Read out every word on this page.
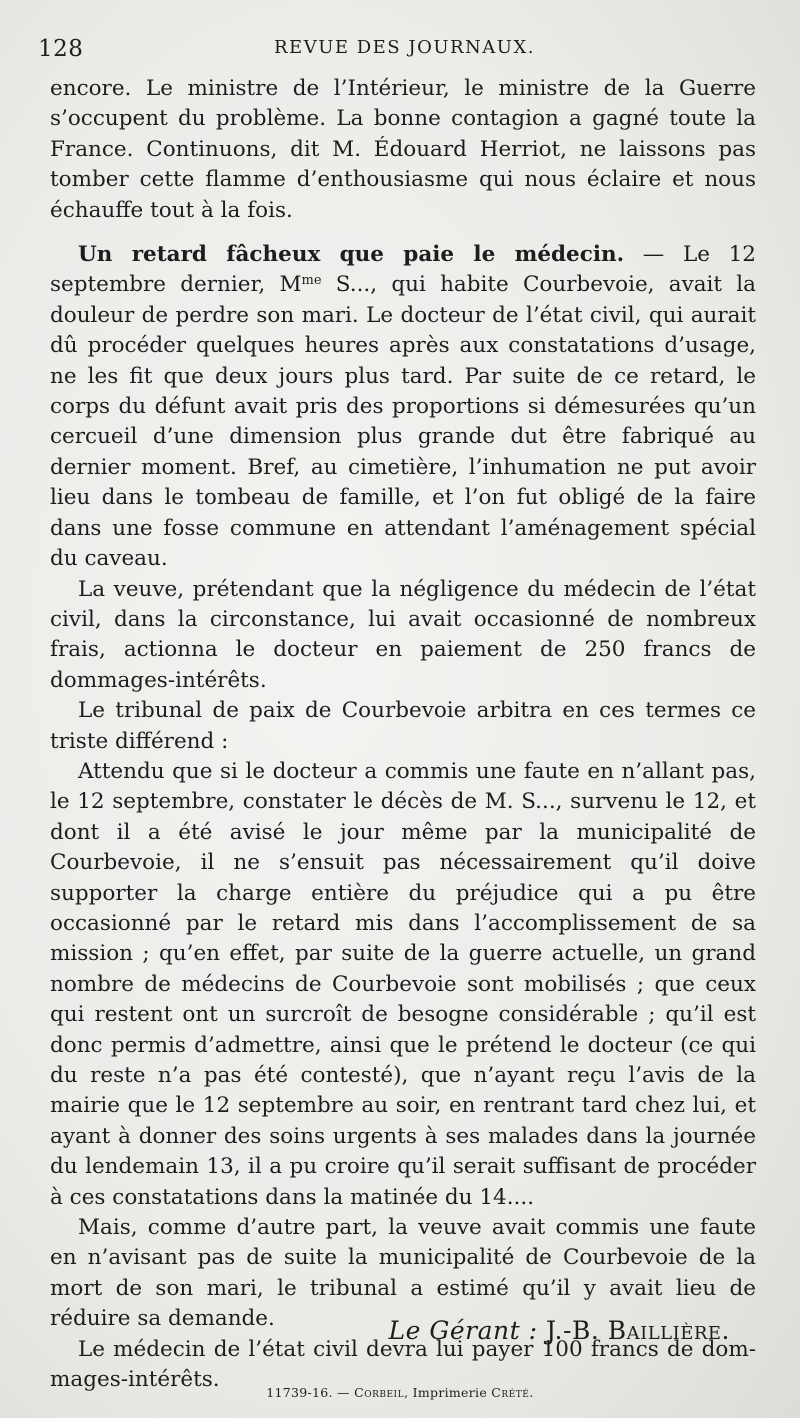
128	REVUE DES JOURNAUX.

encore. Le ministre de l’Intérieur, le ministre de la Guerre s’occupent du problème. La bonne contagion a gagné toute la France. Continuons, dit M. Édouard Herriot, ne laissons pas tomber cette flamme d’enthousiasme qui nous éclaire et nous échauffe tout à la fois.

Un retard fâcheux que paie le médecin. — Le 12 septembre dernier, $M^{me}$ S..., qui habite Courbevoie, avait la douleur de perdre son mari. Le docteur de l’état civil, qui aurait dû procéder quelques heures après aux constatations d’usage, ne les fit que deux jours plus tard. Par suite de ce retard, le corps du défunt avait pris des proportions si démesurées qu’un cercueil d’une dimension plus grande dut être fabriqué au dernier moment. Bref, au cimetière, l’inhumation ne put avoir lieu dans le tombeau de famille, et l’on fut obligé de la faire dans une fosse commune en attendant l’aménagement spécial du caveau.

La veuve, prétendant que la négligence du médecin de l’état civil, dans la circonstance, lui avait occasionné de nombreux frais, actionna le docteur en paiement de 250 francs de dommages-intérêts.

Le tribunal de paix de Courbevoie arbitra en ces termes ce triste différend :

Attendu que si le docteur a commis une faute en n’allant pas, le 12 septembre, constater le décès de M. S..., survenu le 12, et dont il a été avisé le jour même par la municipalité de Courbevoie, il ne s’ensuit pas nécessairement qu’il doive supporter la charge entière du préjudice qui a pu être occasionné par le retard mis dans l’accomplissement de sa mission ; qu’en effet, par suite de la guerre actuelle, un grand nombre de médecins de Courbevoie sont mobilisés ; que ceux qui restent ont un surcroît de besogne considérable ; qu’il est donc permis d’admettre, ainsi que le prétend le docteur (ce qui du reste n’a pas été contesté), que n’ayant reçu l’avis de la mairie que le 12 septembre au soir, en rentrant tard chez lui, et ayant à donner des soins urgents à ses malades dans la journée du lendemain 13, il a pu croire qu’il serait suffisant de procéder à ces constatations dans la matinée du 14....

Mais, comme d’autre part, la veuve avait commis une faute en n’avisant pas de suite la municipalité de Courbevoie de la mort de son mari, le tribunal a estimé qu’il y avait lieu de réduire sa demande.

Le médecin de l’état civil devra lui payer 100 francs de dommages-intérêts.

Le Gérant : J.-B. Baillière.
11739-16. — Corbeil, Imprimerie Crété.
